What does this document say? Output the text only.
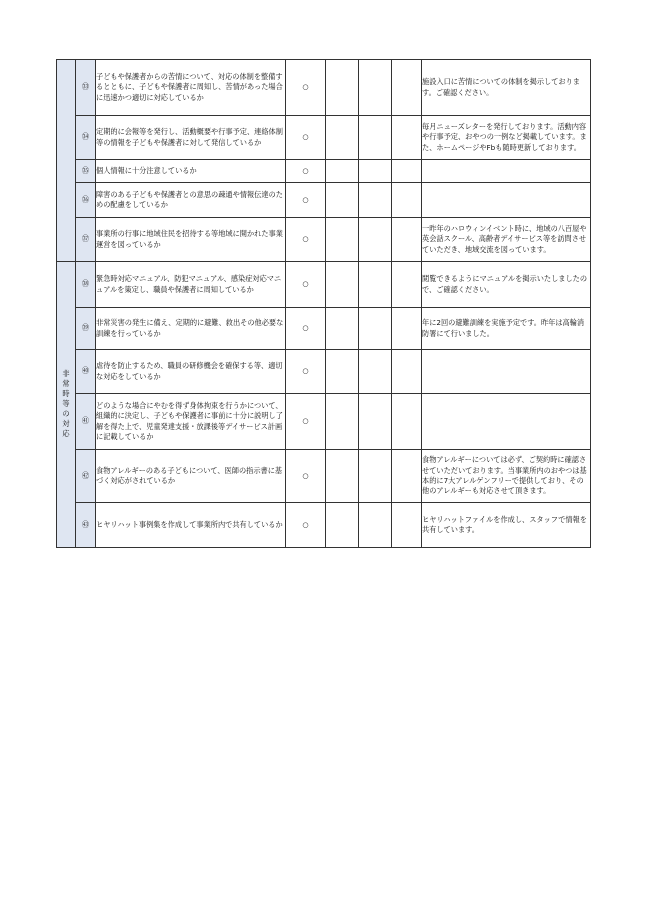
	㉝	子どもや保護者からの苦情について、対応の体制を整備するとともに、子どもや保護者に周知し、苦情があった場合に迅速かつ適切に対応しているか	○				施設入口に苦情についての体制を掲示しております。ご確認ください。
	㉞	定期的に会報等を発行し、活動概要や行事予定、連絡体制等の情報を子どもや保護者に対して発信しているか	○				毎月ニューズレターを発行しております。活動内容や行事予定、おやつの一例など掲載しています。また、ホームページやFbも随時更新しております。
	㉟	個人情報に十分注意しているか	○				
	㊱	障害のある子どもや保護者との意思の疎通や情報伝達のための配慮をしているか	○				
	㊲	事業所の行事に地域住民を招待する等地域に開かれた事業運営を図っているか	○				一昨年のハロウィンイベント時に、地域の八百屋や英会話スクール、高齢者デイサービス等を訪問させていただき、地域交流を図っています。
非常時等の対応	㊳	緊急時対応マニュアル、防犯マニュアル、感染症対応マニュアルを策定し、職員や保護者に周知しているか	○				閲覧できるようにマニュアルを掲示いたしましたので、ご確認ください。
	㊴	非常災害の発生に備え、定期的に避難、救出その他必要な訓練を行っているか	○				年に2回の避難訓練を実施予定です。昨年は高輪消防署にて行いました。
	㊵	虐待を防止するため、職員の研修機会を確保する等、適切な対応をしているか	○				
	㊶	どのような場合にやむを得ず身体拘束を行うかについて、組織的に決定し、子どもや保護者に事前に十分に説明し了解を得た上で、児童発達支援・放課後等デイサービス計画に記載しているか	○				
	㊷	食物アレルギーのある子どもについて、医師の指示書に基づく対応がされているか	○				食物アレルギーについては必ず、ご契約時に確認させていただいております。当事業所内のおやつは基本的に7大アレルゲンフリーで提供しており、その他のアレルギーも対応させて頂きます。
	㊸	ヒヤリハット事例集を作成して事業所内で共有しているか	○				ヒヤリハットファイルを作成し、スタッフで情報を共有しています。
